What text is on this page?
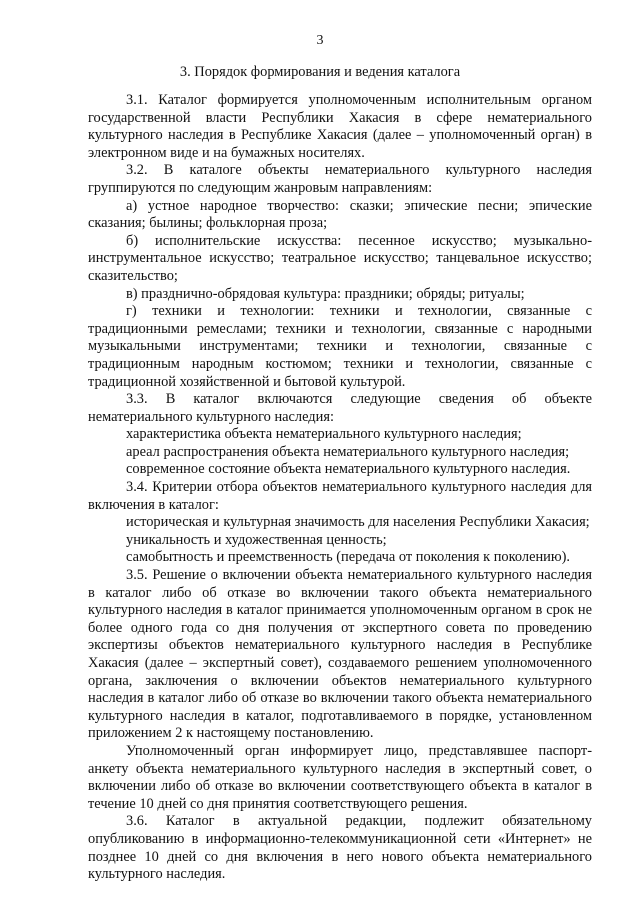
3
3. Порядок формирования и ведения каталога

3.1. Каталог формируется уполномоченным исполнительным органом государственной власти Республики Хакасия в сфере нематериального культурного наследия в Республике Хакасия (далее – уполномоченный орган) в электронном виде и на бумажных носителях.

3.2. В каталоге объекты нематериального культурного наследия группируются по следующим жанровым направлениям:

а) устное народное творчество: сказки; эпические песни; эпические сказания; былины; фольклорная проза;

б) исполнительские искусства: песенное искусство; музыкально-инструментальное искусство; театральное искусство; танцевальное искусство; сказительство;

в) празднично-обрядовая культура: праздники; обряды; ритуалы;

г) техники и технологии: техники и технологии, связанные с традиционными ремеслами; техники и технологии, связанные с народными музыкальными инструментами; техники и технологии, связанные с традиционным народным костюмом; техники и технологии, связанные с традиционной хозяйственной и бытовой культурой.

3.3. В каталог включаются следующие сведения об объекте нематериального культурного наследия:

характеристика объекта нематериального культурного наследия;

ареал распространения объекта нематериального культурного наследия;

современное состояние объекта нематериального культурного наследия.

3.4. Критерии отбора объектов нематериального культурного наследия для включения в каталог:

историческая и культурная значимость для населения Республики Хакасия;

уникальность и художественная ценность;

самобытность и преемственность (передача от поколения к поколению).

3.5. Решение о включении объекта нематериального культурного наследия в каталог либо об отказе во включении такого объекта нематериального культурного наследия в каталог принимается уполномоченным органом в срок не более одного года со дня получения от экспертного совета по проведению экспертизы объектов нематериального культурного наследия в Республике Хакасия (далее – экспертный совет), создаваемого решением уполномоченного органа, заключения о включении объектов нематериального культурного наследия в каталог либо об отказе во включении такого объекта нематериального культурного наследия в каталог, подготавливаемого в порядке, установленном приложением 2 к настоящему постановлению.

Уполномоченный орган информирует лицо, представлявшее паспорт-анкету объекта нематериального культурного наследия в экспертный совет, о включении либо об отказе во включении соответствующего объекта в каталог в течение 10 дней со дня принятия соответствующего решения.

3.6. Каталог в актуальной редакции, подлежит обязательному опубликованию в информационно-телекоммуникационной сети «Интернет» не позднее 10 дней со дня включения в него нового объекта нематериального культурного наследия.
